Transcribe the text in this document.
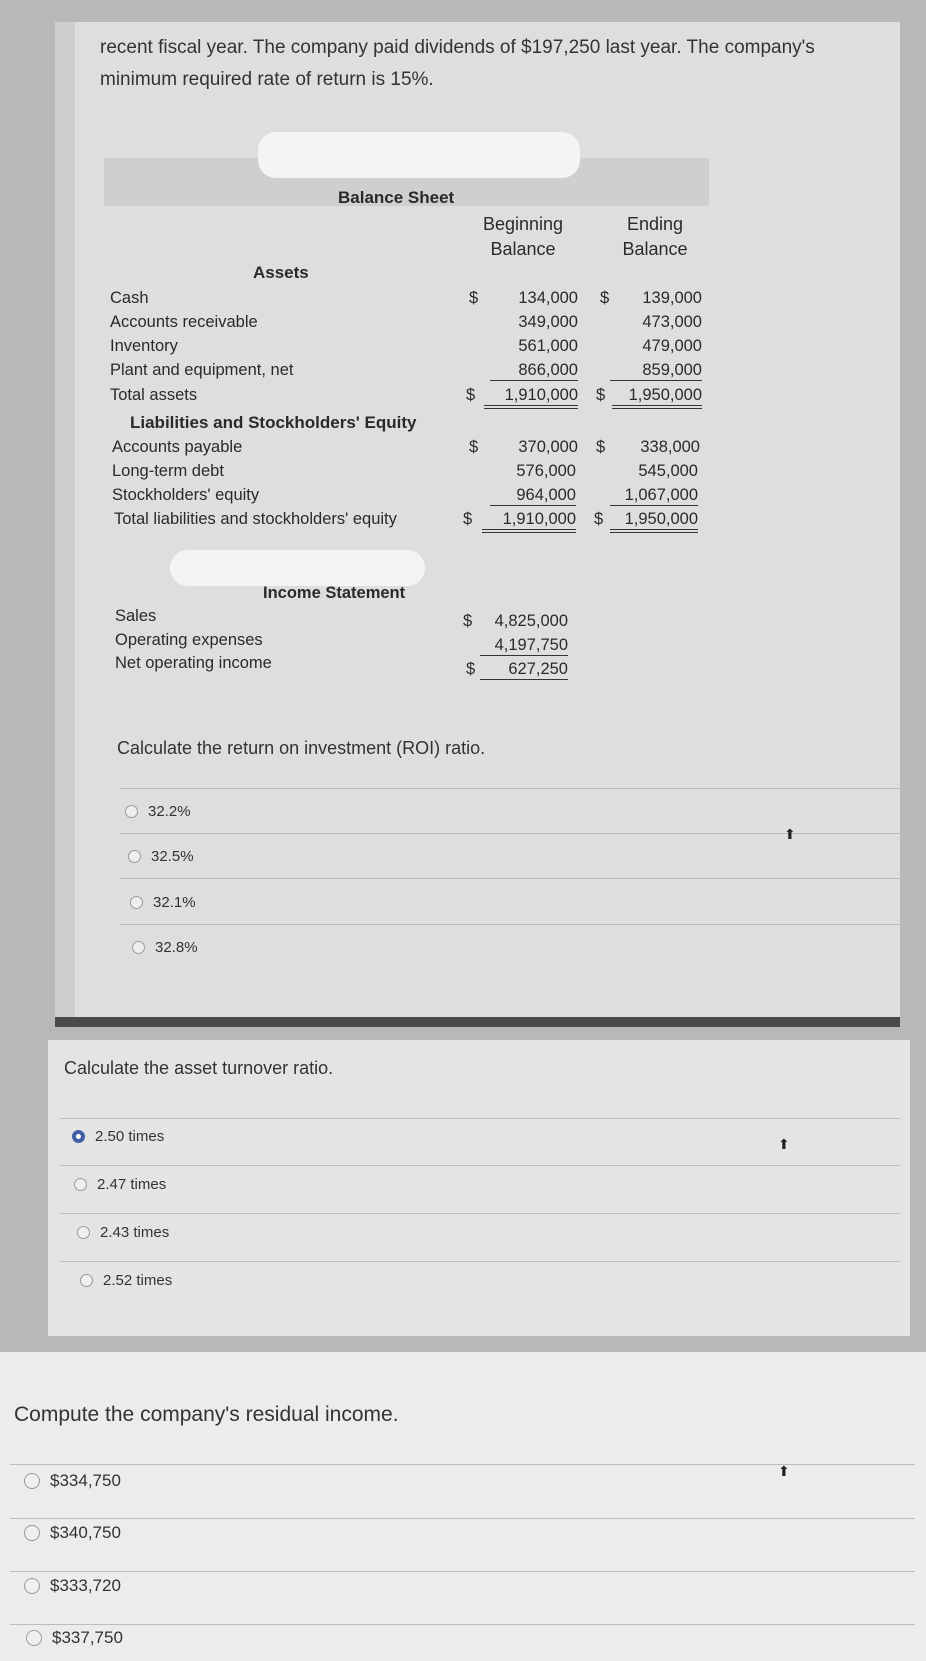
recent fiscal year. The company paid dividends of $197,250 last year. The company's minimum required rate of return is 15%.
Balance Sheet
Beginning
Balance
Ending
Balance
Assets
Cash	$	134,000 $	139,000
Accounts receivable	349,000	473,000
Inventory	561,000	479,000
Plant and equipment, net	866,000	859,000
Total assets	$	1,910,000 $	1,950,000
Liabilities and Stockholders' Equity
Accounts payable	$	370,000 $	338,000
Long-term debt	576,000	545,000
Stockholders' equity	964,000	1,067,000
Total liabilities and stockholders' equity	$	1,910,000 $	1,950,000
Income Statement
Sales	$	4,825,000
Operating expenses	4,197,750
Net operating income	$	627,250
Calculate the return on investment (ROI) ratio.
32.2%
32.5%
32.1%
32.8%
⬆
Calculate the asset turnover ratio.
2.50 times
2.47 times
2.43 times
2.52 times
⬆
Compute the company's residual income.
$334,750
$340,750
$333,720
$337,750
⬆
